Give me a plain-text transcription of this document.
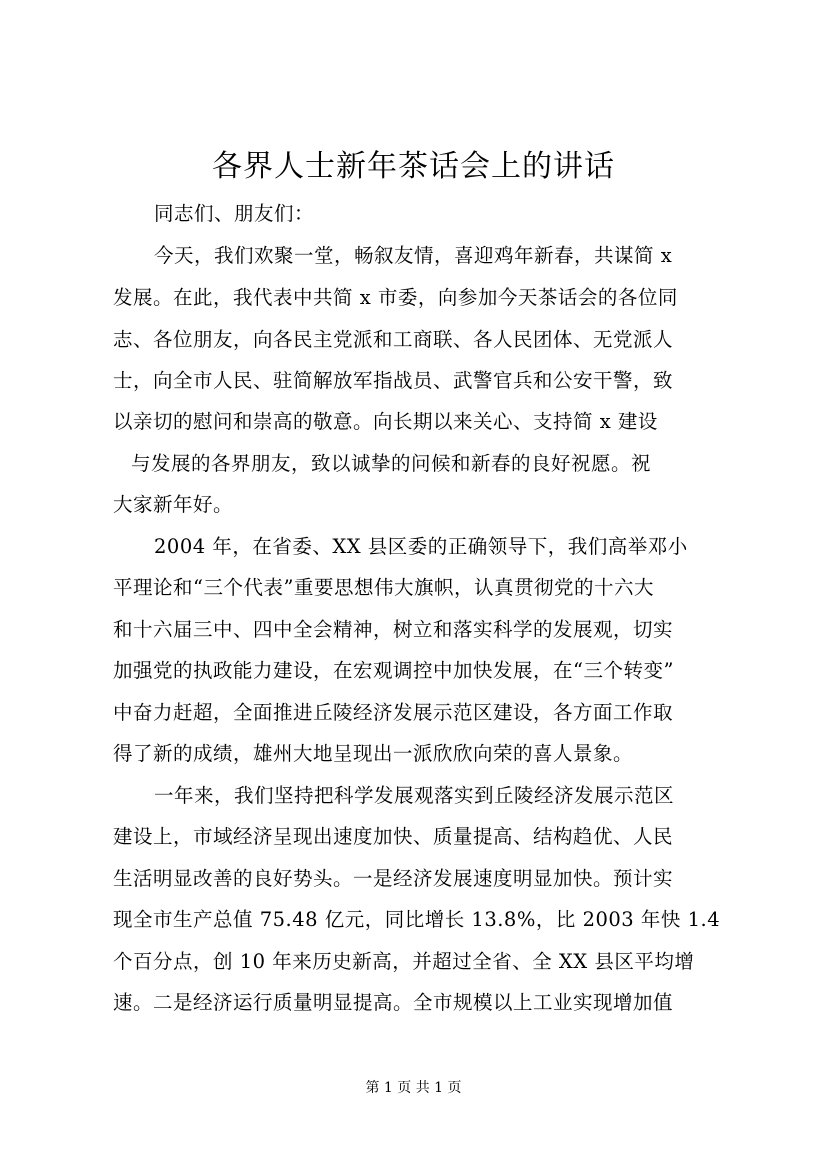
各界人士新年茶话会上的讲话
同志们、朋友们：
今天，我们欢聚一堂，畅叙友情，喜迎鸡年新春，共谋简 x
发展。在此，我代表中共简 x 市委，向参加今天茶话会的各位同
志、各位朋友，向各民主党派和工商联、各人民团体、无党派人
士，向全市人民、驻简解放军指战员、武警官兵和公安干警，致
以亲切的慰问和崇高的敬意。向长期以来关心、支持简 x 建设
与发展的各界朋友，致以诚挚的问候和新春的良好祝愿。祝
大家新年好。
2004 年，在省委、XX 县区委的正确领导下，我们高举邓小
平理论和“三个代表”重要思想伟大旗帜，认真贯彻党的十六大
和十六届三中、四中全会精神，树立和落实科学的发展观，切实
加强党的执政能力建设，在宏观调控中加快发展，在“三个转变”
中奋力赶超，全面推进丘陵经济发展示范区建设，各方面工作取
得了新的成绩，雄州大地呈现出一派欣欣向荣的喜人景象。
一年来，我们坚持把科学发展观落实到丘陵经济发展示范区
建设上，市域经济呈现出速度加快、质量提高、结构趋优、人民
生活明显改善的良好势头。一是经济发展速度明显加快。预计实
现全市生产总值 75.48 亿元，同比增长 13.8%，比 2003 年快 1.4
个百分点，创 10 年来历史新高，并超过全省、全 XX 县区平均增
速。二是经济运行质量明显提高。全市规模以上工业实现增加值
第 1 页 共 1 页
